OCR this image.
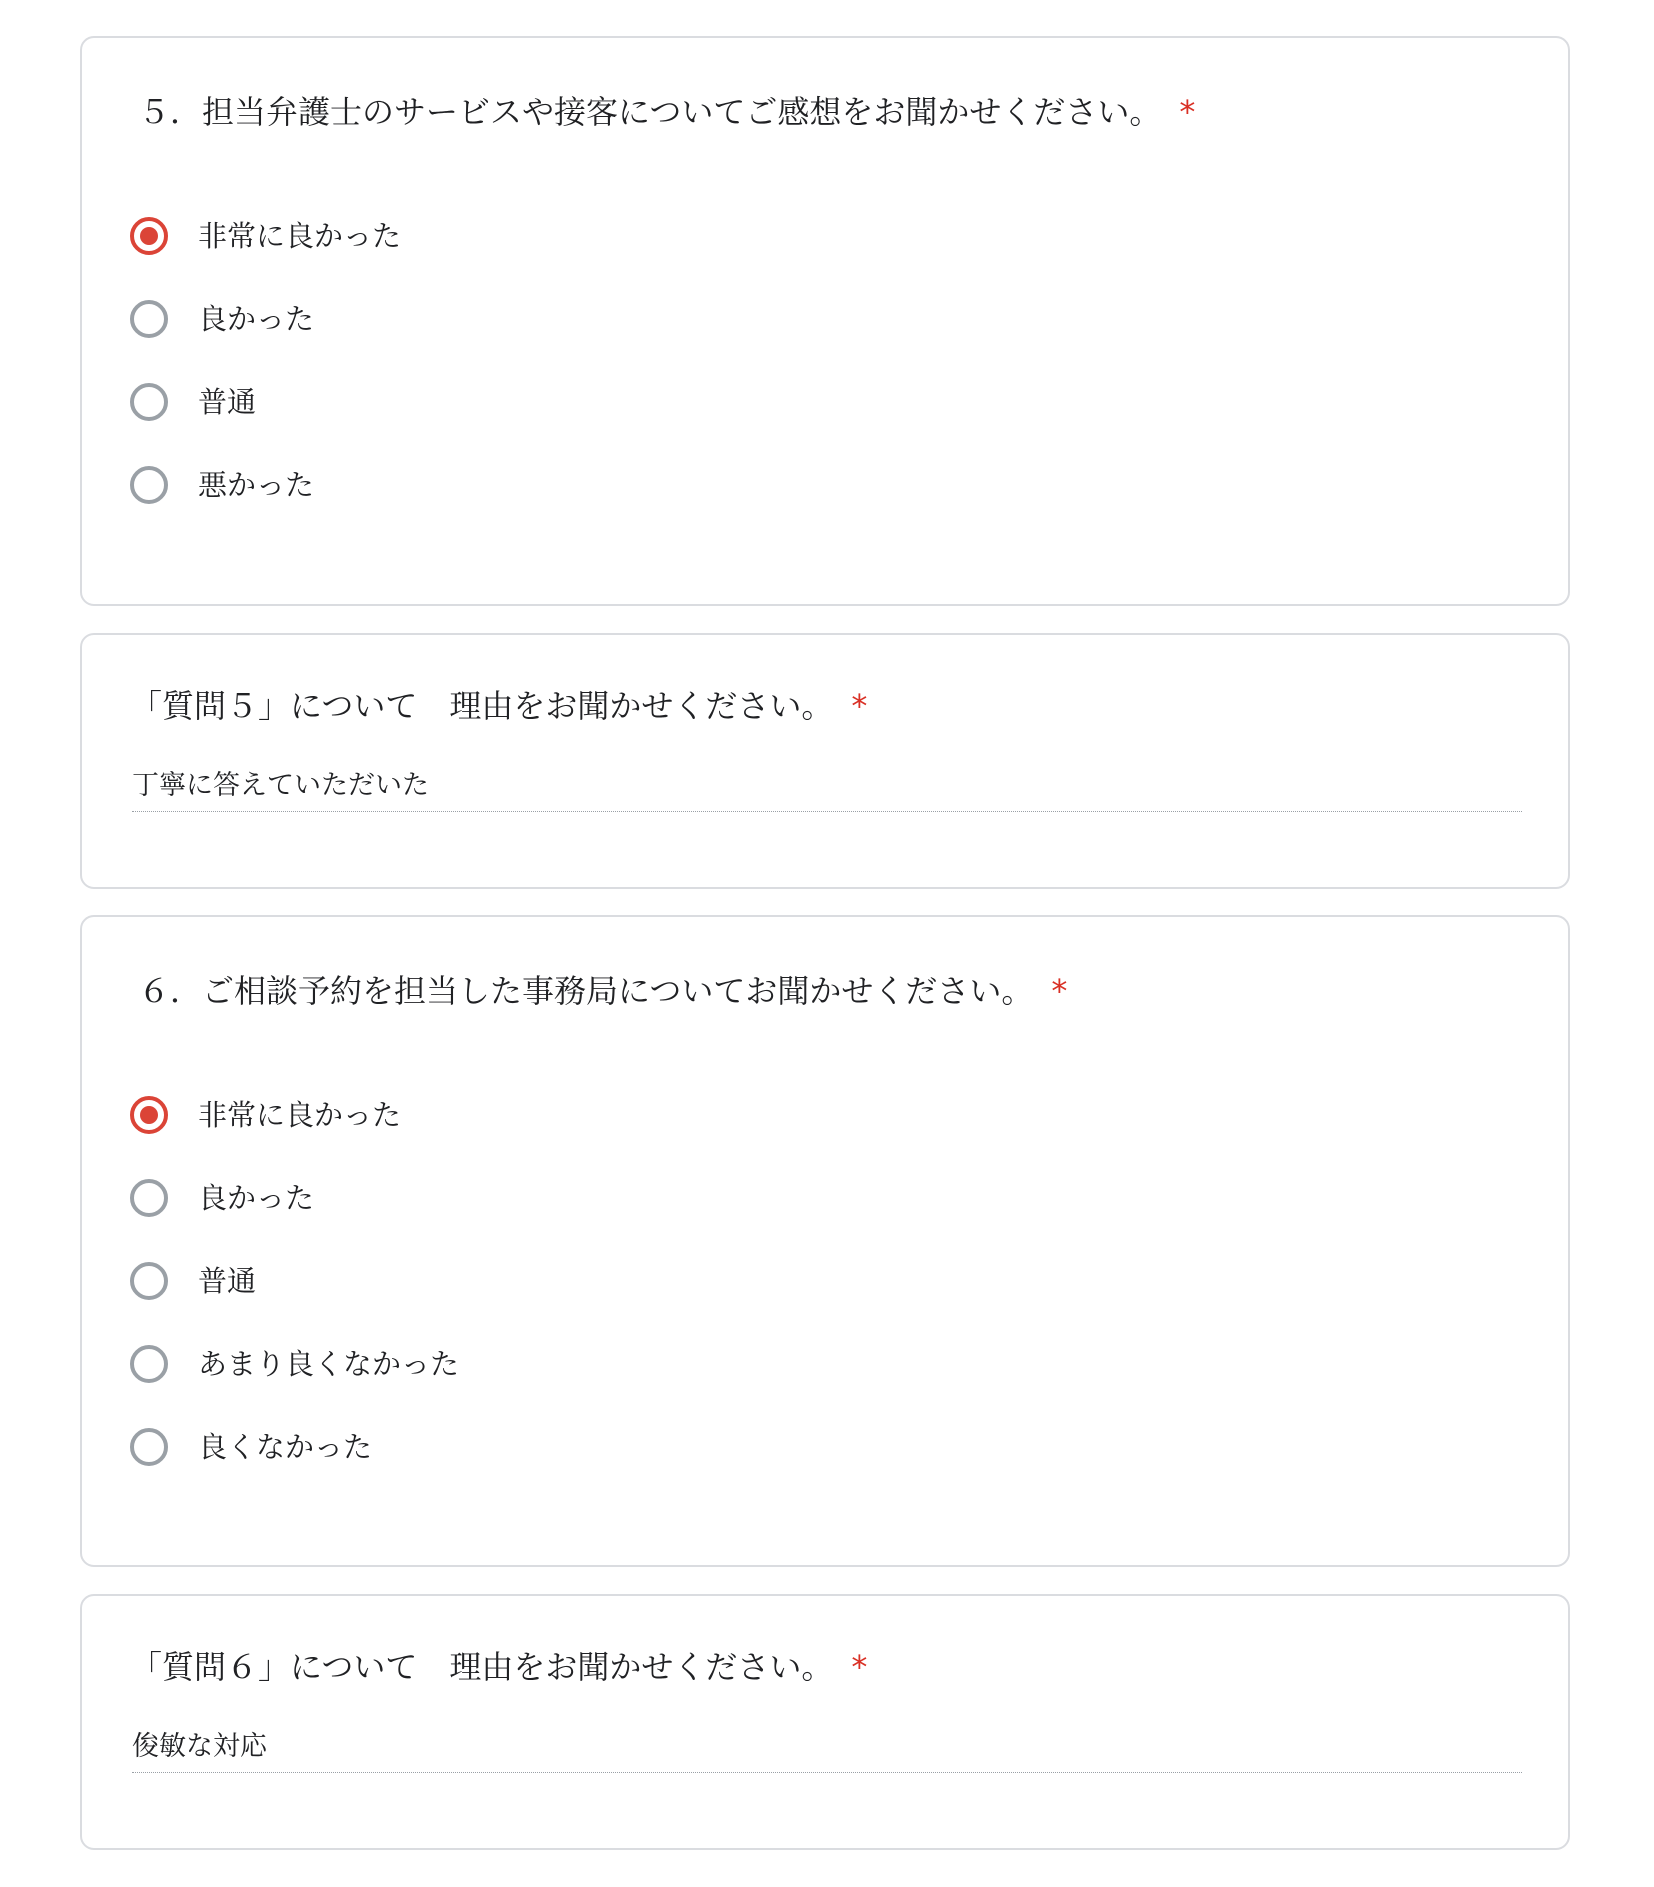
５．担当弁護士のサービスや接客についてご感想をお聞かせください。 *
非常に良かった
良かった
普通
悪かった
「質問５」について　理由をお聞かせください。 *
丁寧に答えていただいた
６．ご相談予約を担当した事務局についてお聞かせください。 *
非常に良かった
良かった
普通
あまり良くなかった
良くなかった
「質問６」について　理由をお聞かせください。 *
俊敏な対応
